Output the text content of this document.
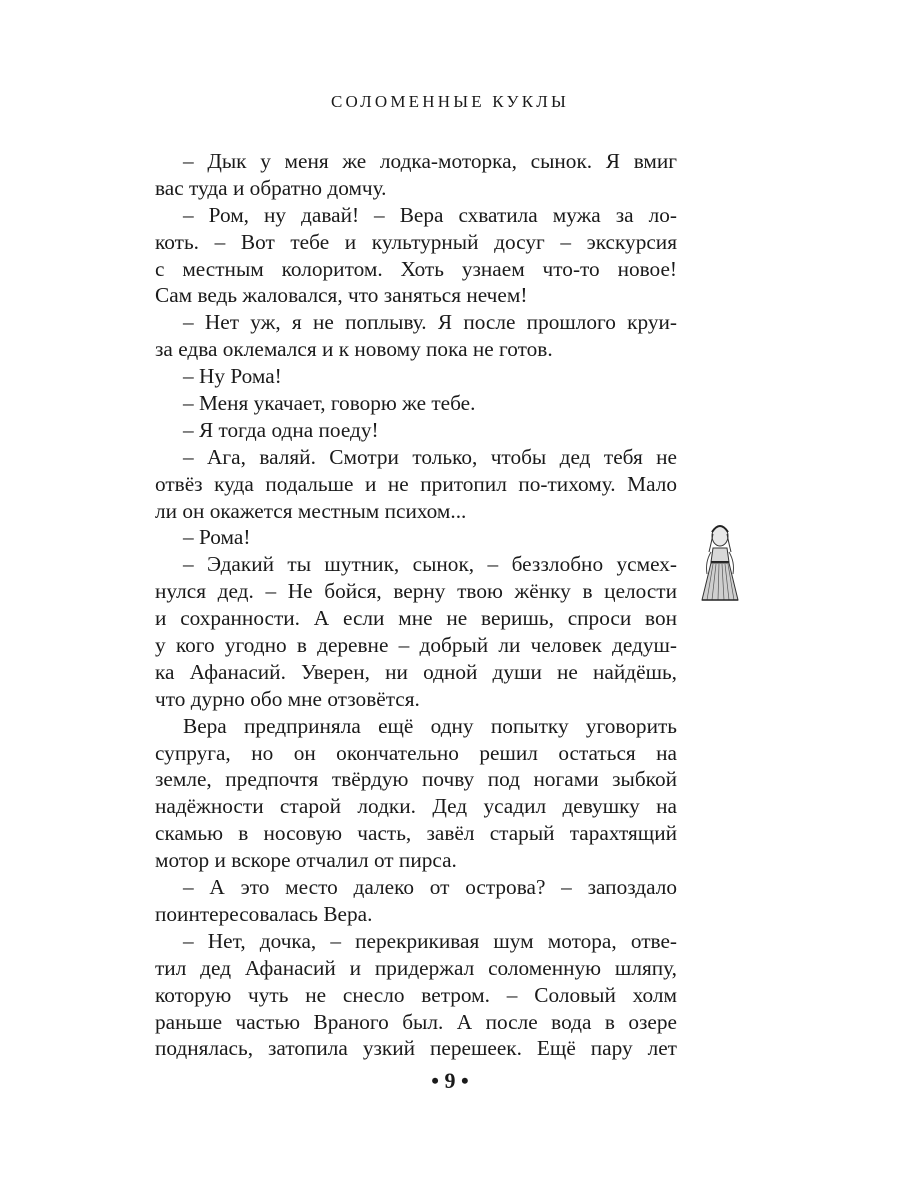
СОЛОМЕННЫЕ КУКЛЫ
– Дык у меня же лодка-моторка, сынок. Я вмиг
вас туда и обратно домчу.
– Ром, ну давай! – Вера схватила мужа за ло-
коть. – Вот тебе и культурный досуг – экскурсия
с местным колоритом. Хоть узнаем что-то новое!
Сам ведь жаловался, что заняться нечем!
– Нет уж, я не поплыву. Я после прошлого круи-
за едва оклемался и к новому пока не готов.
– Ну Рома!
– Меня укачает, говорю же тебе.
– Я тогда одна поеду!
– Ага, валяй. Смотри только, чтобы дед тебя не
отвёз куда подальше и не притопил по-тихому. Мало
ли он окажется местным психом...
– Рома!
– Эдакий ты шутник, сынок, – беззлобно усмех-
нулся дед. – Не бойся, верну твою жёнку в целости
и сохранности. А если мне не веришь, спроси вон
у кого угодно в деревне – добрый ли человек дедуш-
ка Афанасий. Уверен, ни одной души не найдёшь,
что дурно обо мне отзовётся.
Вера предприняла ещё одну попытку уговорить
супруга, но он окончательно решил остаться на
земле, предпочтя твёрдую почву под ногами зыбкой
надёжности старой лодки. Дед усадил девушку на
скамью в носовую часть, завёл старый тарахтящий
мотор и вскоре отчалил от пирса.
– А это место далеко от острова? – запоздало
поинтересовалась Вера.
– Нет, дочка, – перекрикивая шум мотора, отве-
тил дед Афанасий и придержал соломенную шляпу,
которую чуть не снесло ветром. – Соловый холм
раньше частью Враного был. А после вода в озере
поднялась, затопила узкий перешеек. Ещё пару лет
• 9 •
